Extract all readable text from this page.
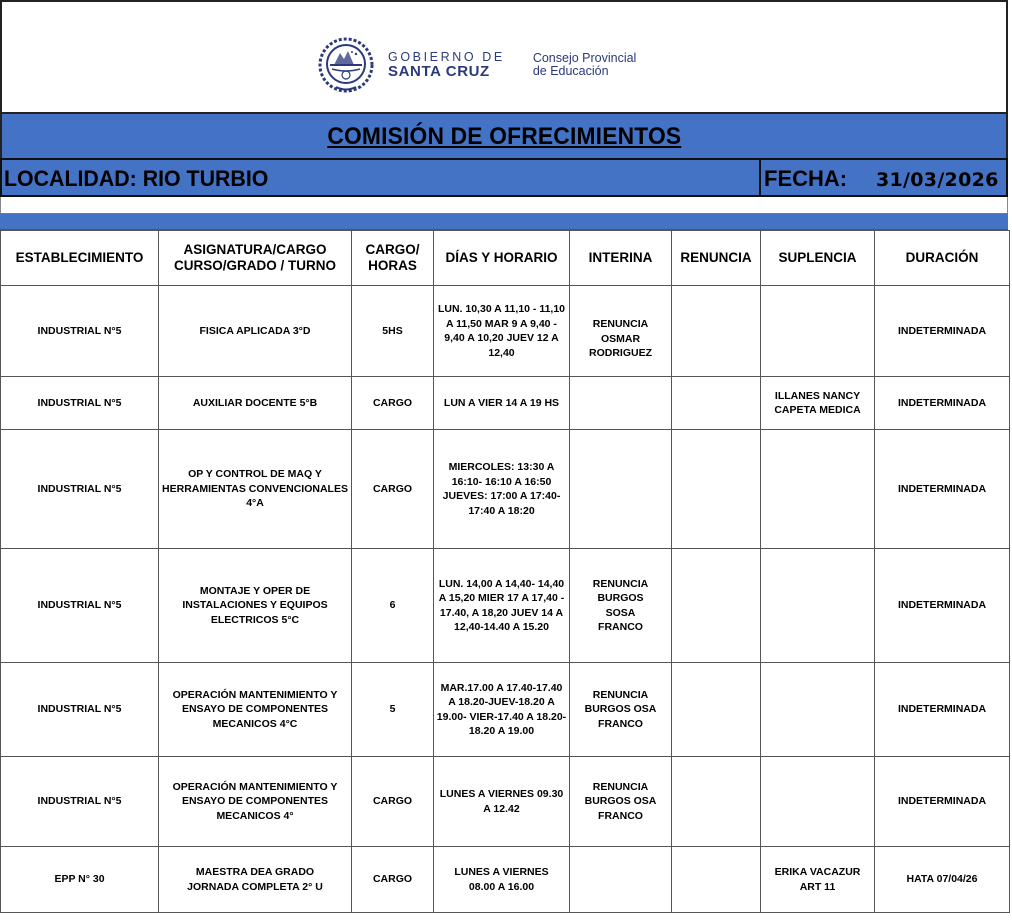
GOBIERNO DE
SANTA CRUZ
Consejo Provincial
de Educación
COMISIÓN DE OFRECIMIENTOS
LOCALIDAD: RIO TURBIO	FECHA: 31/03/2026
ESTABLECIMIENTO	ASIGNATURA/CARGO CURSO/GRADO / TURNO	CARGO/ HORAS	DÍAS Y HORARIO	INTERINA	RENUNCIA	SUPLENCIA	DURACIÓN
INDUSTRIAL N°5	FISICA APLICADA 3°D	5HS	LUN. 10,30 A 11,10 - 11,10 A 11,50 MAR 9 A 9,40 - 9,40 A 10,20 JUEV 12 A 12,40	RENUNCIA OSMAR RODRIGUEZ			INDETERMINADA
INDUSTRIAL N°5	AUXILIAR DOCENTE 5°B	CARGO	LUN A VIER 14 A 19 HS			ILLANES NANCY CAPETA MEDICA	INDETERMINADA
INDUSTRIAL N°5	OP Y CONTROL DE MAQ Y HERRAMIENTAS CONVENCIONALES 4°A	CARGO	MIERCOLES: 13:30 A 16:10- 16:10 A 16:50 JUEVES: 17:00 A 17:40- 17:40 A 18:20				INDETERMINADA
INDUSTRIAL N°5	MONTAJE Y OPER DE INSTALACIONES Y EQUIPOS ELECTRICOS 5°C	6	LUN. 14,00 A 14,40- 14,40 A 15,20 MIER 17 A 17,40 - 17.40, A 18,20 JUEV 14 A 12,40-14.40 A 15.20	RENUNCIA BURGOS SOSA FRANCO			INDETERMINADA
INDUSTRIAL N°5	OPERACIÓN MANTENIMIENTO Y ENSAYO DE COMPONENTES MECANICOS 4°C	5	MAR.17.00 A 17.40-17.40 A 18.20-JUEV-18.20 A 19.00- VIER-17.40 A 18.20-18.20 A 19.00	RENUNCIA BURGOS OSA FRANCO			INDETERMINADA
INDUSTRIAL N°5	OPERACIÓN MANTENIMIENTO Y ENSAYO DE COMPONENTES MECANICOS 4°	CARGO	LUNES A VIERNES 09.30 A 12.42	RENUNCIA BURGOS OSA FRANCO			INDETERMINADA
EPP N° 30	MAESTRA DEA GRADO JORNADA COMPLETA 2° U	CARGO	LUNES A VIERNES 08.00 A 16.00			ERIKA VACAZUR ART 11	HATA 07/04/26
